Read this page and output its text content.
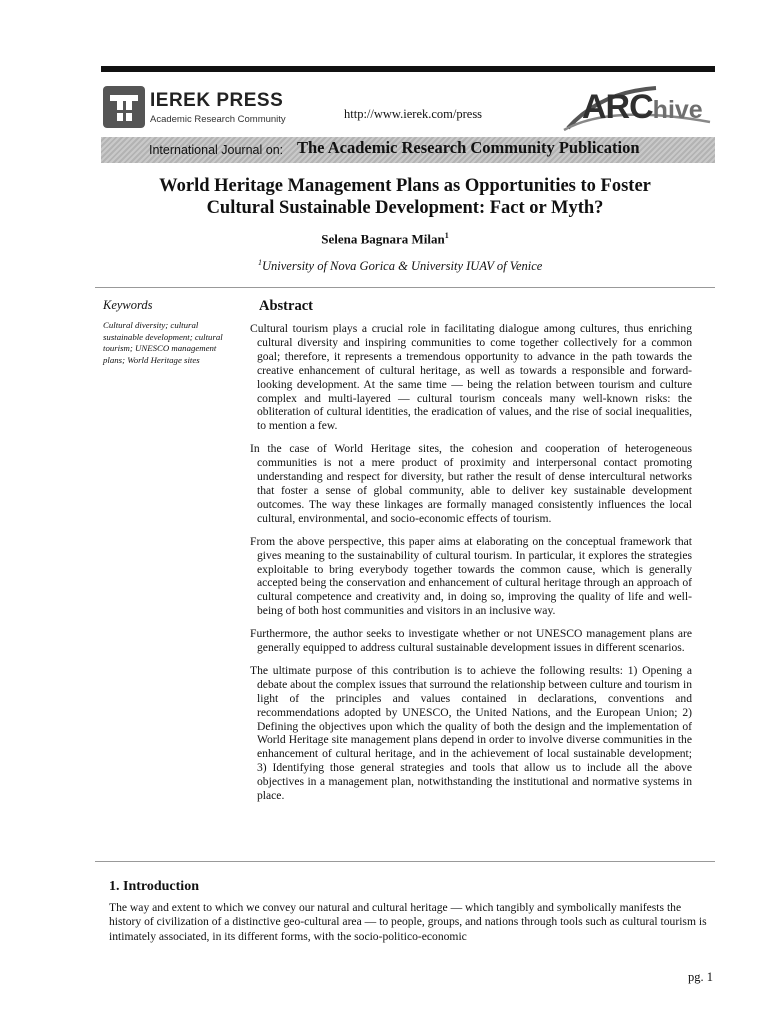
IEREK PRESS
Academic Research Community	http://www.ierek.com/press	ARChive
International Journal on: The Academic Research Community Publication
World Heritage Management Plans as Opportunities to Foster
Cultural Sustainable Development: Fact or Myth?
Selena Bagnara Milan$^1$
$^1$University of Nova Gorica & University IUAV of Venice
Keywords
Cultural diversity; cultural sustainable development; cultural tourism; UNESCO management plans; World Heritage sites
Abstract

Cultural tourism plays a crucial role in facilitating dialogue among cultures, thus enriching cultural diversity and inspiring communities to come together collectively for a common goal; therefore, it represents a tremendous opportunity to advance in the path towards the creative enhancement of cultural heritage, as well as towards a responsible and forward-looking development. At the same time — being the relation between tourism and culture complex and multi-layered — cultural tourism conceals many well-known risks: the obliteration of cultural identities, the eradication of values, and the rise of social inequalities, to mention a few.

In the case of World Heritage sites, the cohesion and cooperation of heterogeneous communities is not a mere product of proximity and interpersonal contact promoting understanding and respect for diversity, but rather the result of dense intercultural networks that foster a sense of global community, able to deliver key sustainable development outcomes. The way these linkages are formally managed consistently influences the local cultural, environmental, and socio-economic effects of tourism.

From the above perspective, this paper aims at elaborating on the conceptual framework that gives meaning to the sustainability of cultural tourism. In particular, it explores the strategies exploitable to bring everybody together towards the common cause, which is generally accepted being the conservation and enhancement of cultural heritage through an approach of cultural competence and creativity and, in doing so, improving the quality of life and well-being of both host communities and visitors in an inclusive way.

Furthermore, the author seeks to investigate whether or not UNESCO management plans are generally equipped to address cultural sustainable development issues in different scenarios.

The ultimate purpose of this contribution is to achieve the following results: 1) Opening a debate about the complex issues that surround the relationship between culture and tourism in light of the principles and values contained in declarations, conventions and recommendations adopted by UNESCO, the United Nations, and the European Union; 2) Defining the objectives upon which the quality of both the design and the implementation of World Heritage site management plans depend in order to involve diverse communities in the enhancement of cultural heritage, and in the achievement of local sustainable development; 3) Identifying those general strategies and tools that allow us to include all the above objectives in a management plan, notwithstanding the institutional and normative systems in place.

1. Introduction

The way and extent to which we convey our natural and cultural heritage — which tangibly and symbolically manifests the history of civilization of a distinctive geo-cultural area — to people, groups, and nations through tools such as cultural tourism is intimately associated, in its different forms, with the socio-politico-economic

pg. 1
